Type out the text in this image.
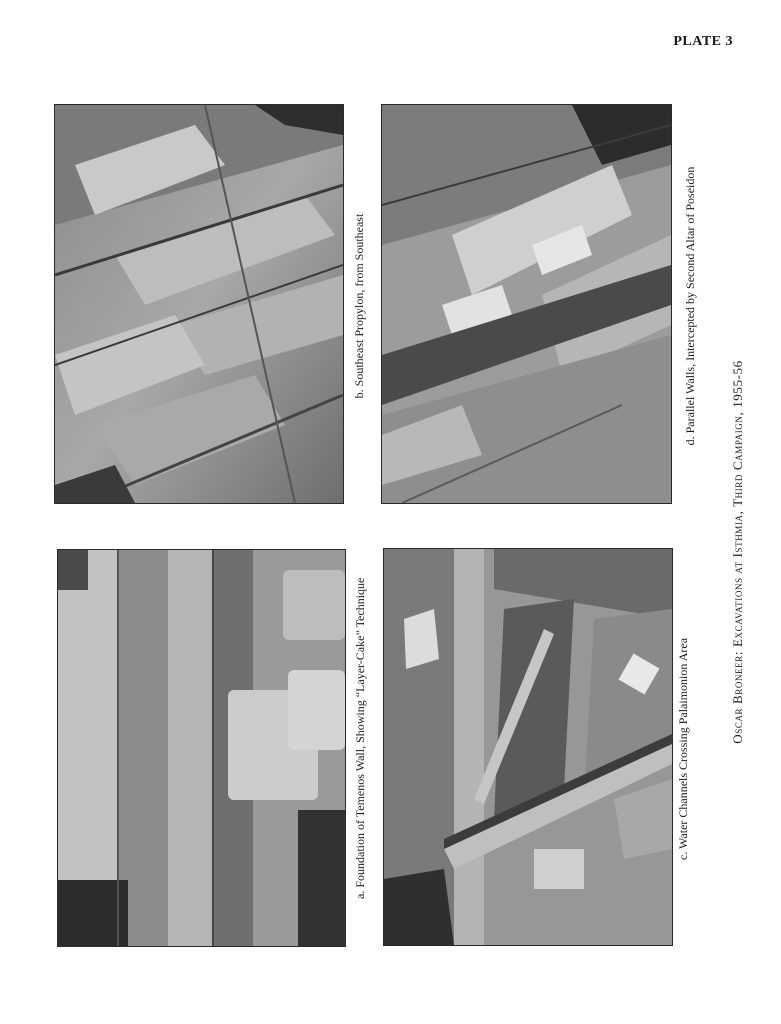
PLATE 3
b. Southeast Propylon, from Southeast
a. Foundation of Temenos Wall, Showing “Layer-Cake” Technique
d. Parallel Walls, Intercepted by Second Altar of Poseidon
c. Water Channels Crossing Palaimonion Area
Oscar Broneer: Excavations at Isthmia, Third Campaign, 1955-56
